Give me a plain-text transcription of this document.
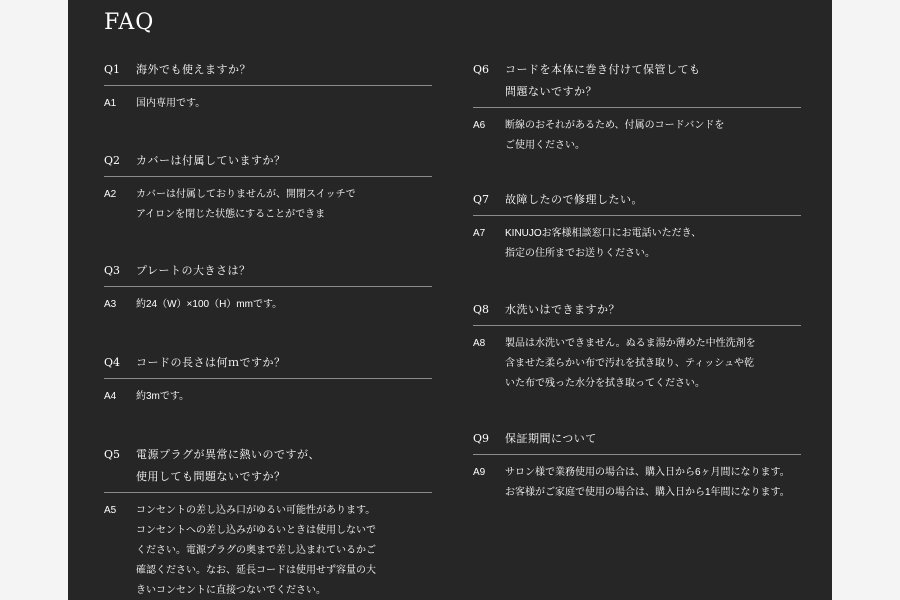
FAQ
Q1	海外でも使えますか？
A1	国内専用です。
Q2	カバーは付属していますか？
A2	カバーは付属しておりませんが、開閉スイッチで
アイロンを閉じた状態にすることができま
Q3	プレートの大きさは？
A3	約24（W）×100（H）mmです。
Q4	コードの長さは何ｍですか？
A4	約3mです。
Q5	電源プラグが異常に熱いのですが、
使用しても問題ないですか？
A5	コンセントの差し込み口がゆるい可能性があります。
コンセントへの差し込みがゆるいときは使用しないで
ください。電源プラグの奥まで差し込まれているかご
確認ください。なお、延長コードは使用せず容量の大
きいコンセントに直接つないでください。
Q6	コードを本体に巻き付けて保管しても
問題ないですか？
A6	断線のおそれがあるため、付属のコードバンドを
ご使用ください。
Q7	故障したので修理したい。
A7	KINUJOお客様相談窓口にお電話いただき、
指定の住所までお送りください。
Q8	水洗いはできますか？
A8	製品は水洗いできません。ぬるま湯か薄めた中性洗剤を
含ませた柔らかい布で汚れを拭き取り、ティッシュや乾
いた布で残った水分を拭き取ってください。
Q9	保証期間について
A9	サロン様で業務使用の場合は、購入日から6ヶ月間になります。
お客様がご家庭で使用の場合は、購入日から1年間になります。
